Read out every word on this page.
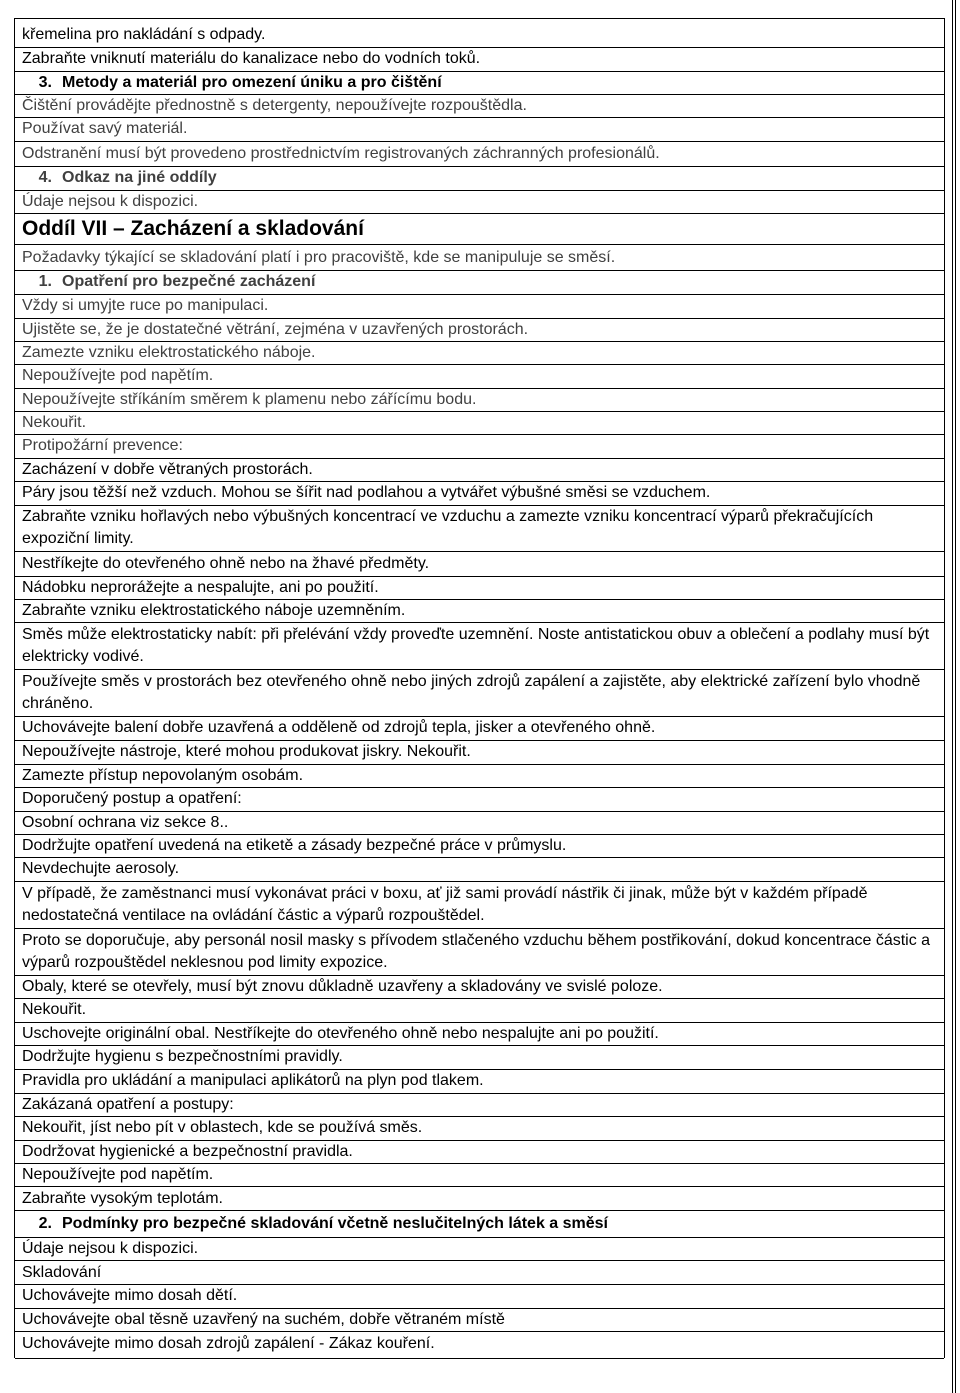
křemelina pro nakládání s odpady.
Zabraňte vniknutí materiálu do kanalizace nebo do vodních toků.
3. Metody a materiál pro omezení úniku a pro čištění
Čištění provádějte přednostně s detergenty, nepoužívejte rozpouštědla.
Používat savý materiál.
Odstranění musí být provedeno prostřednictvím registrovaných záchranných profesionálů.
4. Odkaz na jiné oddíly
Údaje nejsou k dispozici.
Oddíl VII – Zacházení a skladování
Požadavky týkající se skladování platí i pro pracoviště, kde se manipuluje se směsí.
1. Opatření pro bezpečné zacházení
Vždy si umyjte ruce po manipulaci.
Ujistěte se, že je dostatečné větrání, zejména v uzavřených prostorách.
Zamezte vzniku elektrostatického náboje.
Nepoužívejte pod napětím.
Nepoužívejte stříkáním směrem k plamenu nebo zářícímu bodu.
Nekouřit.
Protipožární prevence:
Zacházení v dobře větraných prostorách.
Páry jsou těžší než vzduch. Mohou se šířit nad podlahou a vytvářet výbušné směsi se vzduchem.
Zabraňte vzniku hořlavých nebo výbušných koncentrací ve vzduchu a zamezte vzniku koncentrací výparů překračujících expoziční limity.
Nestříkejte do otevřeného ohně nebo na žhavé předměty.
Nádobku neprorážejte a nespalujte, ani po použití.
Zabraňte vzniku elektrostatického náboje uzemněním.
Směs může elektrostaticky nabít: při přelévání vždy proveďte uzemnění. Noste antistatickou obuv a oblečení a podlahy musí být elektricky vodivé.
Používejte směs v prostorách bez otevřeného ohně nebo jiných zdrojů zapálení a zajistěte, aby elektrické zařízení bylo vhodně chráněno.
Uchovávejte balení dobře uzavřená a odděleně od zdrojů tepla, jisker a otevřeného ohně.
Nepoužívejte nástroje, které mohou produkovat jiskry. Nekouřit.
Zamezte přístup nepovolaným osobám.
Doporučený postup a opatření:
Osobní ochrana viz sekce 8..
Dodržujte opatření uvedená na etiketě a zásady bezpečné práce v průmyslu.
Nevdechujte aerosoly.
V případě, že zaměstnanci musí vykonávat práci v boxu, ať již sami provádí nástřik či jinak, může být v každém případě nedostatečná ventilace na ovládání částic a výparů rozpouštědel.
Proto se doporučuje, aby personál nosil masky s přívodem stlačeného vzduchu během postřikování, dokud koncentrace částic a výparů rozpouštědel neklesnou pod limity expozice.
Obaly, které se otevřely, musí být znovu důkladně uzavřeny a skladovány ve svislé poloze.
Nekouřit.
Uschovejte originální obal. Nestříkejte do otevřeného ohně nebo nespalujte ani po použití.
Dodržujte hygienu s bezpečnostními pravidly.
Pravidla pro ukládání a manipulaci aplikátorů na plyn pod tlakem.
Zakázaná opatření a postupy:
Nekouřit, jíst nebo pít v oblastech, kde se používá směs.
Dodržovat hygienické a bezpečnostní pravidla.
Nepoužívejte pod napětím.
Zabraňte vysokým teplotám.
2. Podmínky pro bezpečné skladování včetně neslučitelných látek a směsí
Údaje nejsou k dispozici.
Skladování
Uchovávejte mimo dosah dětí.
Uchovávejte obal těsně uzavřený na suchém, dobře větraném místě
Uchovávejte mimo dosah zdrojů zapálení - Zákaz kouření.
